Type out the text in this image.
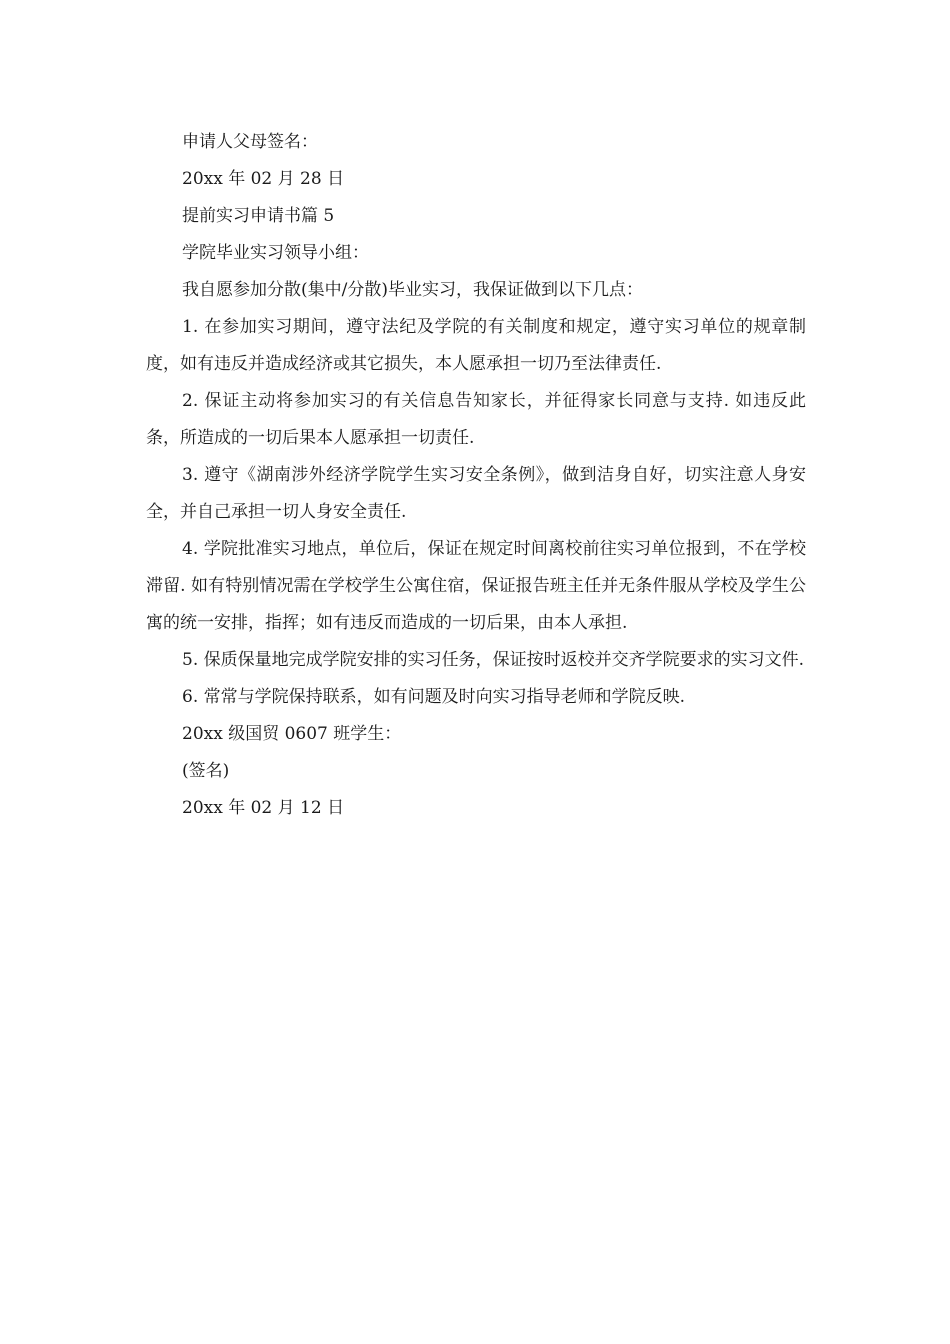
申请人父母签名：

20xx 年 02 月 28 日

提前实习申请书篇 5

学院毕业实习领导小组：

我自愿参加分散(集中/分散)毕业实习，我保证做到以下几点：

1. 在参加实习期间，遵守法纪及学院的有关制度和规定，遵守实习单位的规章制度，如有违反并造成经济或其它损失，本人愿承担一切乃至法律责任.

2. 保证主动将参加实习的有关信息告知家长，并征得家长同意与支持. 如违反此条，所造成的一切后果本人愿承担一切责任.

3. 遵守《湖南涉外经济学院学生实习安全条例》，做到洁身自好，切实注意人身安全，并自己承担一切人身安全责任.

4. 学院批准实习地点，单位后，保证在规定时间离校前往实习单位报到，不在学校滞留. 如有特别情况需在学校学生公寓住宿，保证报告班主任并无条件服从学校及学生公寓的统一安排，指挥；如有违反而造成的一切后果，由本人承担.

5. 保质保量地完成学院安排的实习任务，保证按时返校并交齐学院要求的实习文件.

6. 常常与学院保持联系，如有问题及时向实习指导老师和学院反映.

20xx 级国贸 0607 班学生：

(签名)

20xx 年 02 月 12 日
